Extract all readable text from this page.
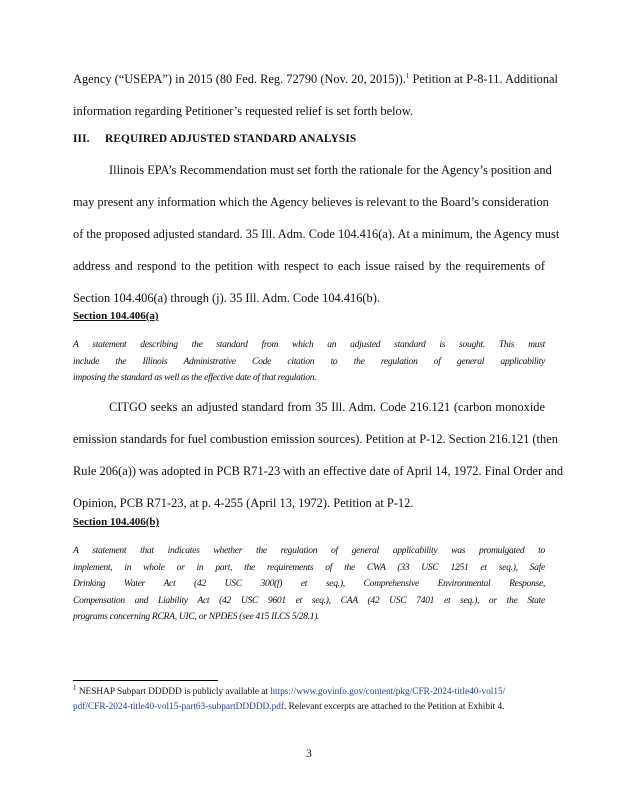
Agency (“USEPA”) in 2015 (80 Fed. Reg. 72790 (Nov. 20, 2015)).$^1$ Petition at P-8-11. Additional

information regarding Petitioner’s requested relief is set forth below.

III. REQUIRED ADJUSTED STANDARD ANALYSIS

Illinois EPA’s Recommendation must set forth the rationale for the Agency’s position and

may present any information which the Agency believes is relevant to the Board’s consideration

of the proposed adjusted standard. 35 Ill. Adm. Code 104.416(a). At a minimum, the Agency must

address and respond to the petition with respect to each issue raised by the requirements of

Section 104.406(a) through (j). 35 Ill. Adm. Code 104.416(b).

Section 104.406(a)

A statement describing the standard from which an adjusted standard is sought. This must

include the Illinois Administrative Code citation to the regulation of general applicability

imposing the standard as well as the effective date of that regulation.

CITGO seeks an adjusted standard from 35 Ill. Adm. Code 216.121 (carbon monoxide

emission standards for fuel combustion emission sources). Petition at P-12. Section 216.121 (then

Rule 206(a)) was adopted in PCB R71-23 with an effective date of April 14, 1972. Final Order and

Opinion, PCB R71-23, at p. 4-255 (April 13, 1972). Petition at P-12.

Section 104.406(b)

A statement that indicates whether the regulation of general applicability was promulgated to

implement, in whole or in part, the requirements of the CWA (33 USC 1251 et seq.), Safe

Drinking Water Act (42 USC 300(f) et seq.), Comprehensive Environmental Response,

Compensation and Liability Act (42 USC 9601 et seq.), CAA (42 USC 7401 et seq.), or the State

programs concerning RCRA, UIC, or NPDES (see 415 ILCS 5/28.1).

$^1$ NESHAP Subpart DDDDD is publicly available at https://www.govinfo.gov/content/pkg/CFR-2024-title40-vol15/
pdf/CFR-2024-title40-vol15-part63-subpartDDDDD.pdf. Relevant excerpts are attached to the Petition at Exhibit 4.
3
